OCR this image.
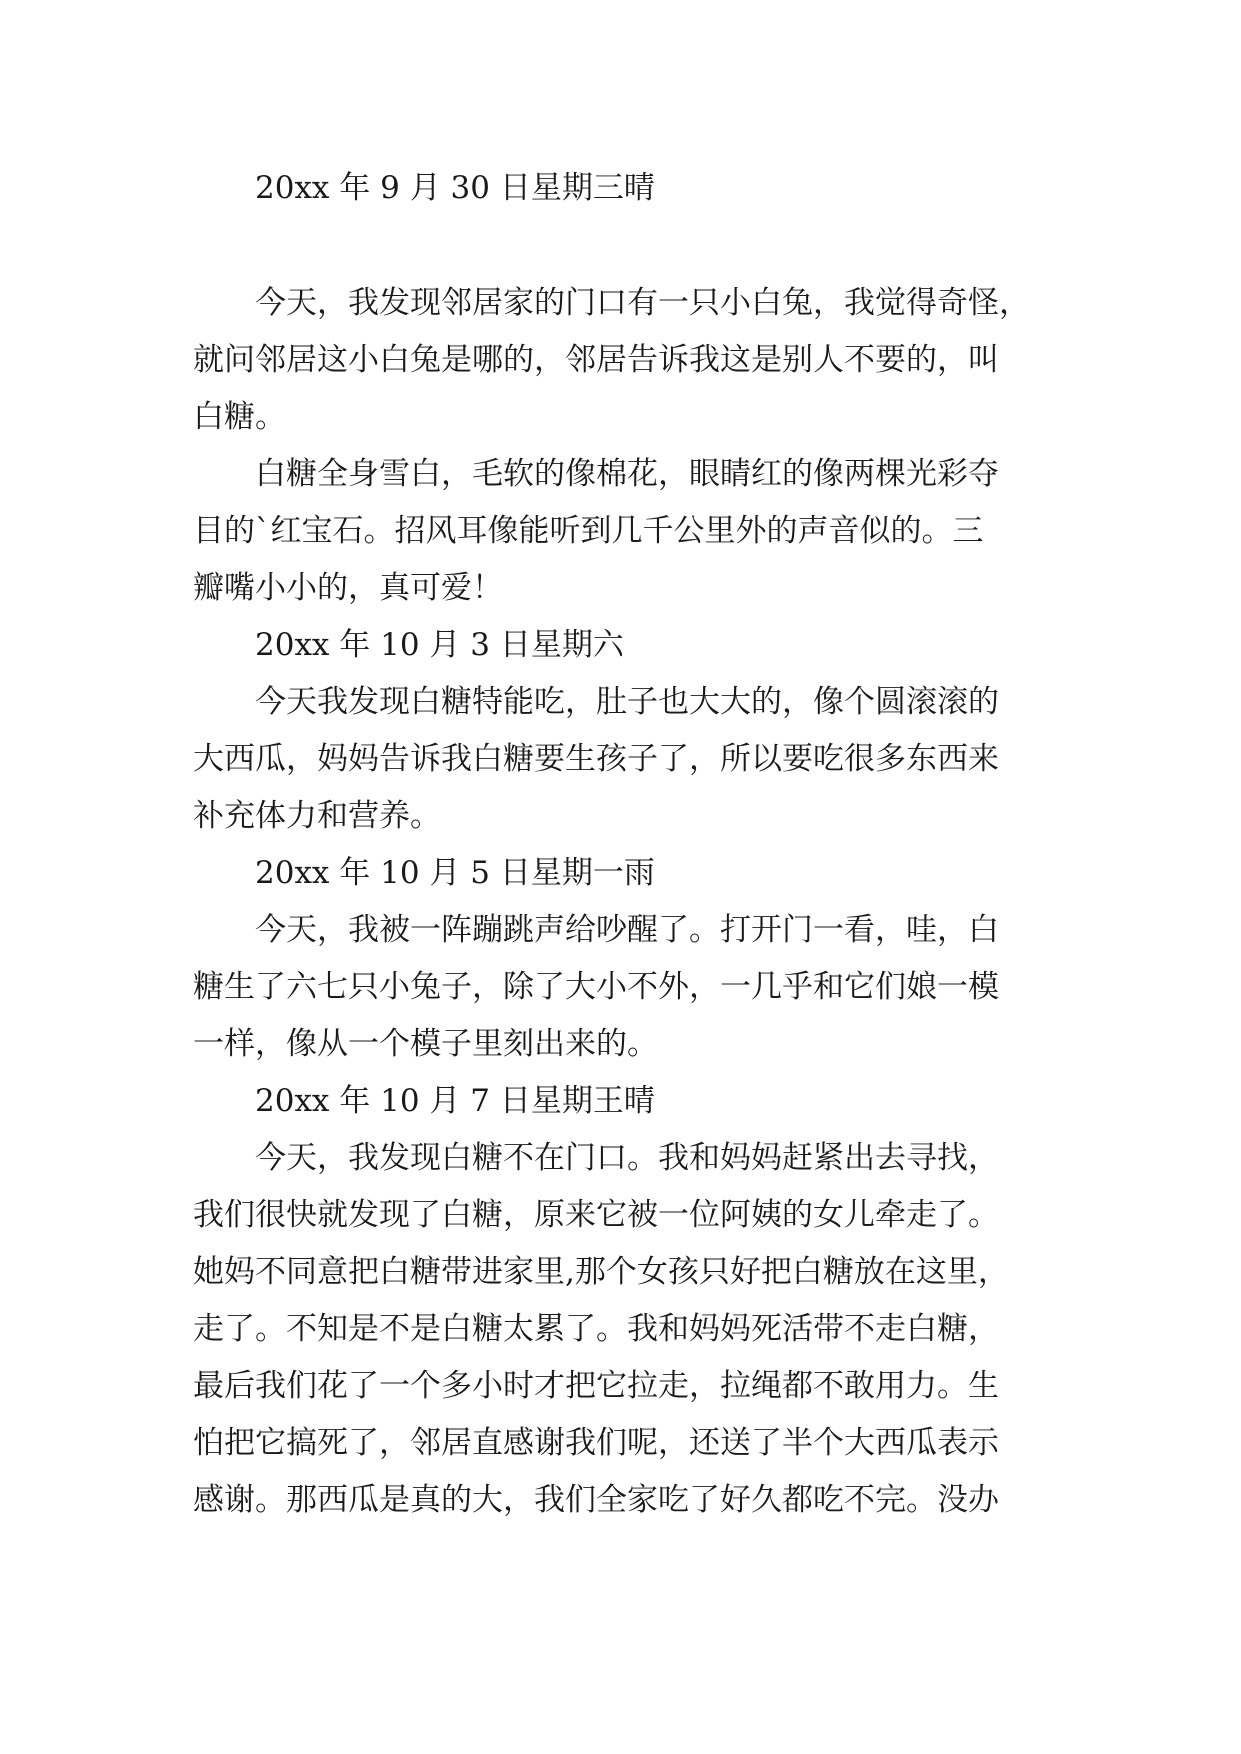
20xx 年 9 月 30 日星期三晴
今天，我发现邻居家的门口有一只小白兔，我觉得奇怪，
就问邻居这小白兔是哪的，邻居告诉我这是别人不要的，叫
白糖。
白糖全身雪白，毛软的像棉花，眼睛红的像两棵光彩夺
目的`红宝石。招风耳像能听到几千公里外的声音似的。三
瓣嘴小小的，真可爱！
20xx 年 10 月 3 日星期六
今天我发现白糖特能吃，肚子也大大的，像个圆滚滚的
大西瓜，妈妈告诉我白糖要生孩子了，所以要吃很多东西来
补充体力和营养。
20xx 年 10 月 5 日星期一雨
今天，我被一阵蹦跳声给吵醒了。打开门一看，哇，白
糖生了六七只小兔子，除了大小不外，一几乎和它们娘一模
一样，像从一个模子里刻出来的。
20xx 年 10 月 7 日星期王晴
今天，我发现白糖不在门口。我和妈妈赶紧出去寻找，
我们很快就发现了白糖，原来它被一位阿姨的女儿牵走了。
她妈不同意把白糖带进家里,那个女孩只好把白糖放在这里，
走了。不知是不是白糖太累了。我和妈妈死活带不走白糖，
最后我们花了一个多小时才把它拉走，拉绳都不敢用力。生
怕把它搞死了，邻居直感谢我们呢，还送了半个大西瓜表示
感谢。那西瓜是真的大，我们全家吃了好久都吃不完。没办
